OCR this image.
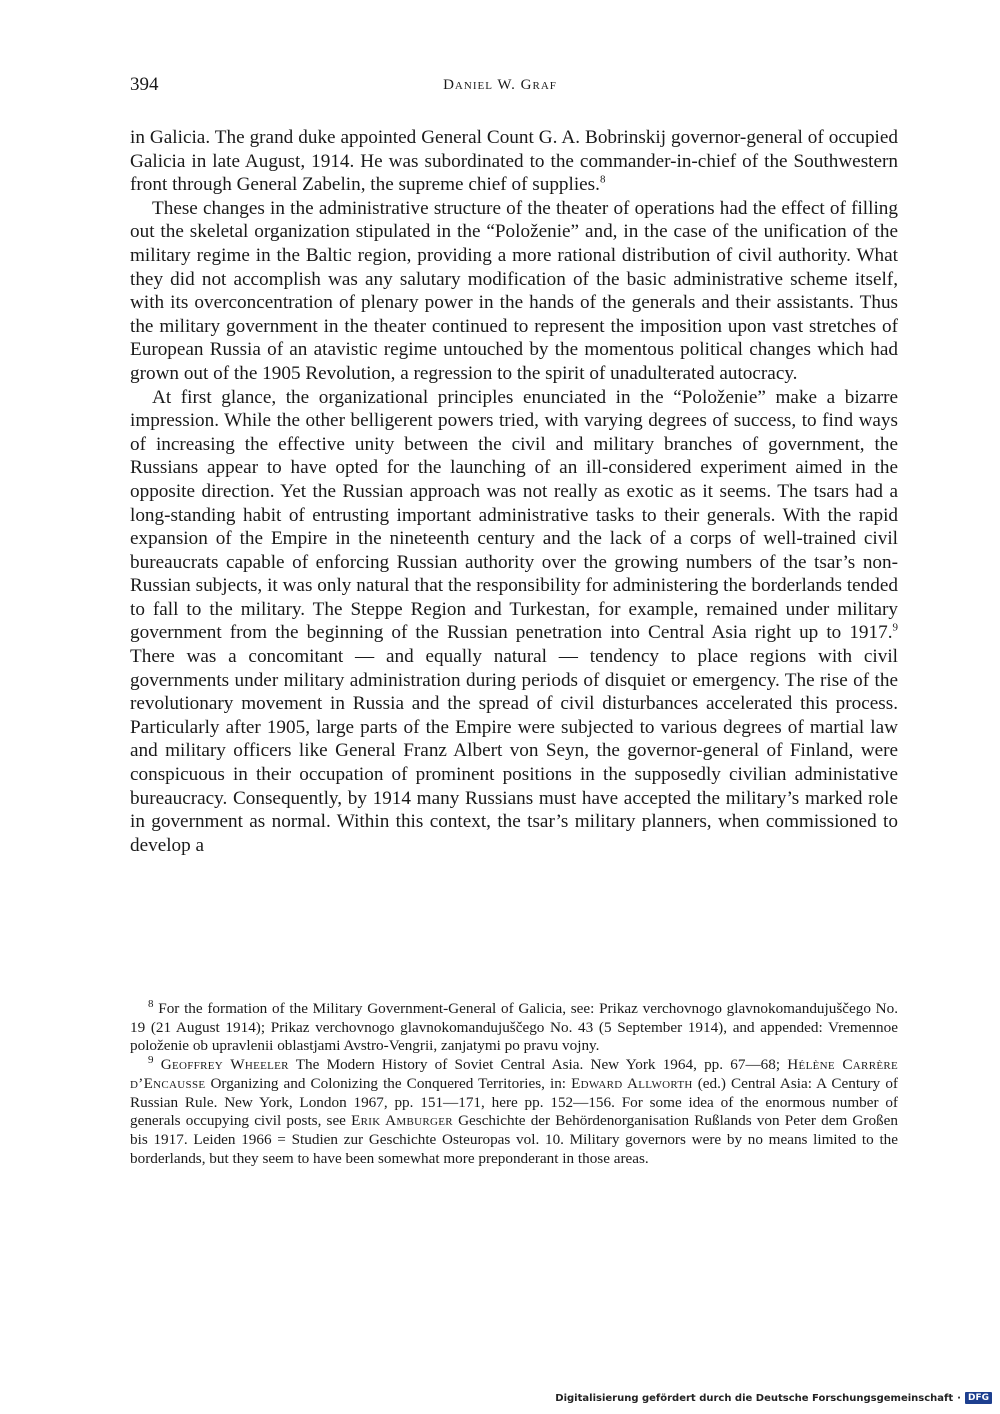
394	Daniel W. Graf

in Galicia. The grand duke appointed General Count G. A. Bobrinskij governor-general of occupied Galicia in late August, 1914. He was subordinated to the commander-in-chief of the Southwestern front through General Zabelin, the supreme chief of supplies.$^8$

These changes in the administrative structure of the theater of operations had the effect of filling out the skeletal organization stipulated in the “Položenie” and, in the case of the unification of the military regime in the Baltic region, providing a more rational distribution of civil authority. What they did not accomplish was any salutary modification of the basic administrative scheme itself, with its overconcentration of plenary power in the hands of the generals and their assistants. Thus the military government in the theater continued to represent the imposition upon vast stretches of European Russia of an atavistic regime untouched by the momentous political changes which had grown out of the 1905 Revolution, a regression to the spirit of unadulterated autocracy.

At first glance, the organizational principles enunciated in the “Položenie” make a bizarre impression. While the other belligerent powers tried, with varying degrees of success, to find ways of increasing the effective unity between the civil and military branches of government, the Russians appear to have opted for the launching of an ill-considered experiment aimed in the opposite direction. Yet the Russian approach was not really as exotic as it seems. The tsars had a long-standing habit of entrusting important administrative tasks to their generals. With the rapid expansion of the Empire in the nineteenth century and the lack of a corps of well-trained civil bureaucrats capable of enforcing Russian authority over the growing numbers of the tsar’s non-Russian subjects, it was only natural that the responsibility for administering the borderlands tended to fall to the military. The Steppe Region and Turkestan, for example, remained under military government from the beginning of the Russian penetration into Central Asia right up to 1917.$^9$ There was a concomitant — and equally natural — tendency to place regions with civil governments under military administration during periods of disquiet or emergency. The rise of the revolutionary movement in Russia and the spread of civil disturbances accelerated this process. Particularly after 1905, large parts of the Empire were subjected to various degrees of martial law and military officers like General Franz Albert von Seyn, the governor-general of Finland, were conspicuous in their occupation of prominent positions in the supposedly civilian administative bureaucracy. Consequently, by 1914 many Russians must have accepted the military’s marked role in government as normal. Within this context, the tsar’s military planners, when commissioned to develop a

$^8$ For the formation of the Military Government-General of Galicia, see: Prikaz verchovnogo glavnokomandujuščego No. 19 (21 August 1914); Prikaz verchovnogo glavnokomandujuščego No. 43 (5 September 1914), and appended: Vremennoe položenie ob upravlenii oblastjami Avstro-Vengrii, zanjatymi po pravu vojny.

$^9$ Geoffrey Wheeler The Modern History of Soviet Central Asia. New York 1964, pp. 67—68; Hélène Carrère d’Encausse Organizing and Colonizing the Conquered Territories, in: Edward Allworth (ed.) Central Asia: A Century of Russian Rule. New York, London 1967, pp. 151—171, here pp. 152—156. For some idea of the enormous number of generals occupying civil posts, see Erik Amburger Geschichte der Behördenorganisation Rußlands von Peter dem Großen bis 1917. Leiden 1966 = Studien zur Geschichte Osteuropas vol. 10. Military governors were by no means limited to the borderlands, but they seem to have been somewhat more preponderant in those areas.

Digitalisierung gefördert durch die Deutsche Forschungsgemeinschaft · DFG
